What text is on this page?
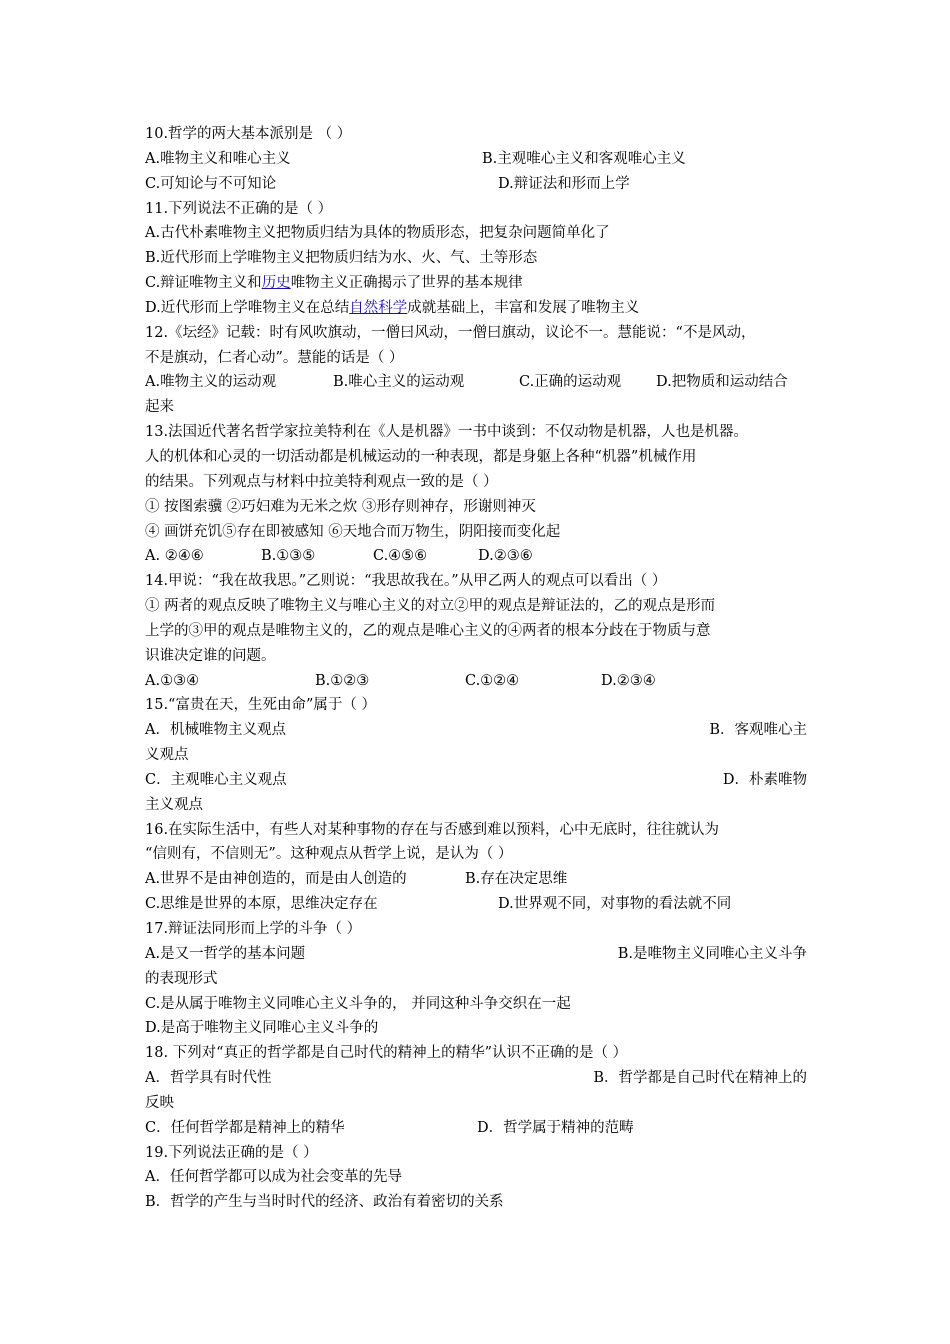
10.哲学的两大基本派别是 （ ）
A.唯物主义和唯心主义	B.主观唯心主义和客观唯心主义
C.可知论与不可知论	D.辩证法和形而上学
11.下列说法不正确的是（ ）
A.古代朴素唯物主义把物质归结为具体的物质形态，把复杂问题简单化了
B.近代形而上学唯物主义把物质归结为水、火、气、土等形态
C.辩证唯物主义和历史唯物主义正确揭示了世界的基本规律
D.近代形而上学唯物主义在总结自然科学成就基础上，丰富和发展了唯物主义
12.《坛经》记载：时有风吹旗动，一僧曰风动，一僧曰旗动，议论不一。慧能说：“不是风动，
不是旗动，仁者心动”。慧能的话是（ ）
A.唯物主义的运动观	B.唯心主义的运动观	C.正确的运动观 D.把物质和运动结合
起来
13.法国近代著名哲学家拉美特利在《人是机器》一书中谈到：不仅动物是机器，人也是机器。
人的机体和心灵的一切活动都是机械运动的一种表现，都是身躯上各种“机器”机械作用
的结果。下列观点与材料中拉美特利观点一致的是（ ）
① 按图索骥 ②巧妇难为无米之炊 ③形存则神存，形谢则神灭
④ 画饼充饥⑤存在即被感知 ⑥天地合而万物生，阴阳接而变化起
A. ②④⑥	B.①③⑤	C.④⑤⑥	D.②③⑥
14.甲说：“我在故我思。”乙则说：“我思故我在。”从甲乙两人的观点可以看出（ ）
① 两者的观点反映了唯物主义与唯心主义的对立②甲的观点是辩证法的，乙的观点是形而
上学的③甲的观点是唯物主义的，乙的观点是唯心主义的④两者的根本分歧在于物质与意
识谁决定谁的问题。
A.①③④	B.①②③	C.①②④	D.②③④
15.“富贵在天，生死由命”属于（ ）
A．机械唯物主义观点	B．客观唯心主
义观点
C．主观唯心主义观点	D．朴素唯物
主义观点
16.在实际生活中，有些人对某种事物的存在与否感到难以预料，心中无底时，往往就认为
“信则有，不信则无”。这种观点从哲学上说，是认为（ ）
A.世界不是由神创造的，而是由人创造的	B.存在决定思维
C.思维是世界的本原，思维决定存在	D.世界观不同，对事物的看法就不同
17.辩证法同形而上学的斗争（ ）
A.是又一哲学的基本问题	B.是唯物主义同唯心主义斗争
的表现形式
C.是从属于唯物主义同唯心主义斗争的， 并同这种斗争交织在一起
D.是高于唯物主义同唯心主义斗争的
18. 下列对“真正的哲学都是自己时代的精神上的精华”认识不正确的是（ ）
A．哲学具有时代性	B．哲学都是自己时代在精神上的
反映
C．任何哲学都是精神上的精华	D．哲学属于精神的范畴
19.下列说法正确的是（ ）
A．任何哲学都可以成为社会变革的先导
B．哲学的产生与当时时代的经济、政治有着密切的关系
